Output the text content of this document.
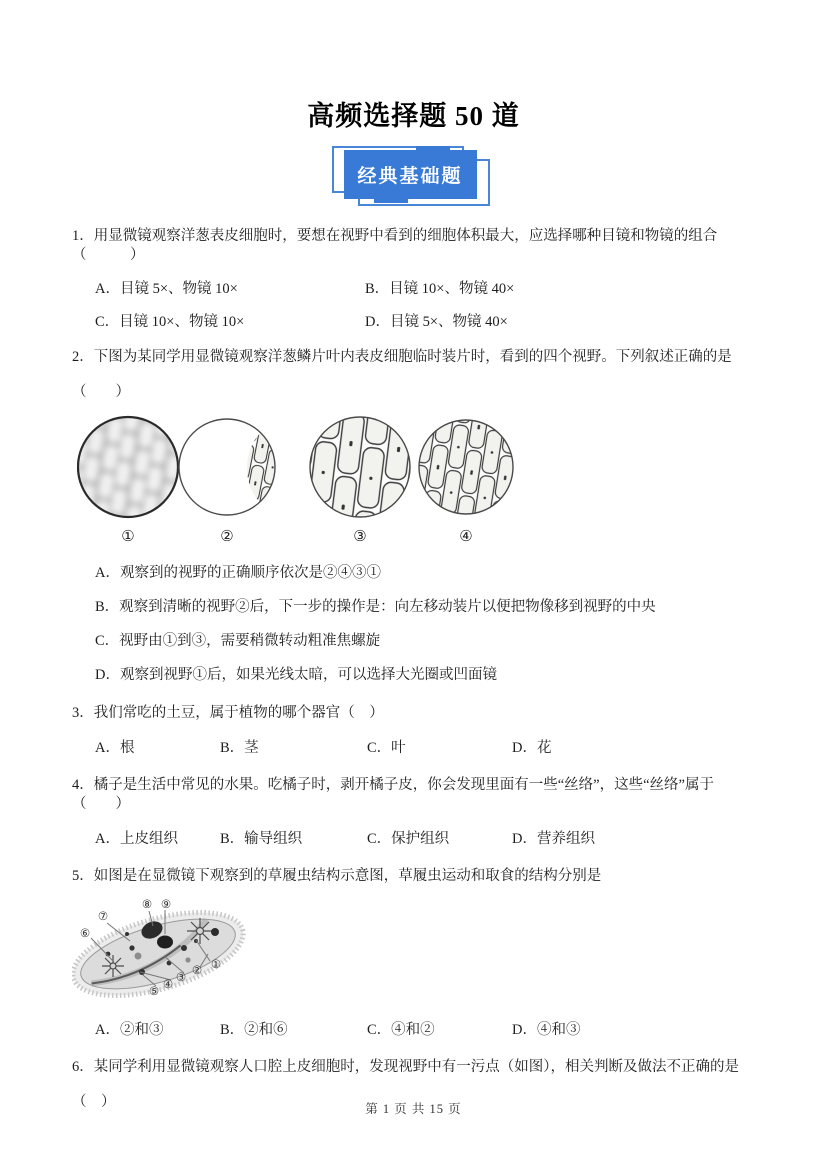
高频选择题 50 道
经典基础题

1．用显微镜观察洋葱表皮细胞时，要想在视野中看到的细胞体积最大，应选择哪种目镜和物镜的组合（　　　）

A．目镜 5×、物镜 10×	B．目镜 10×、物镜 40×
C．目镜 10×、物镜 10×	D．目镜 5×、物镜 40×

2．下图为某同学用显微镜观察洋葱鳞片叶内表皮细胞临时装片时，看到的四个视野。下列叙述正确的是

（　　）

①	②	③	④

A．观察到的视野的正确顺序依次是②④③①

B．观察到清晰的视野②后，下一步的操作是：向左移动装片以便把物像移到视野的中央

C．视野由①到③，需要稍微转动粗准焦螺旋

D．观察到视野①后，如果光线太暗，可以选择大光圈或凹面镜

3．我们常吃的土豆，属于植物的哪个器官（　）

A．根	B．茎	C．叶	D．花

4．橘子是生活中常见的水果。吃橘子时，剥开橘子皮，你会发现里面有一些“丝络”，这些“丝络”属于（　　）

A．上皮组织	B．输导组织	C．保护组织	D．营养组织

5．如图是在显微镜下观察到的草履虫结构示意图，草履虫运动和取食的结构分别是

①
②
③
④
⑤
⑥
⑦
⑧ ⑨
A．②和③	B．②和⑥	C．④和②	D．④和③

6．某同学利用显微镜观察人口腔上皮细胞时，发现视野中有一污点（如图），相关判断及做法不正确的是

（　）	第 1 页 共 15 页
